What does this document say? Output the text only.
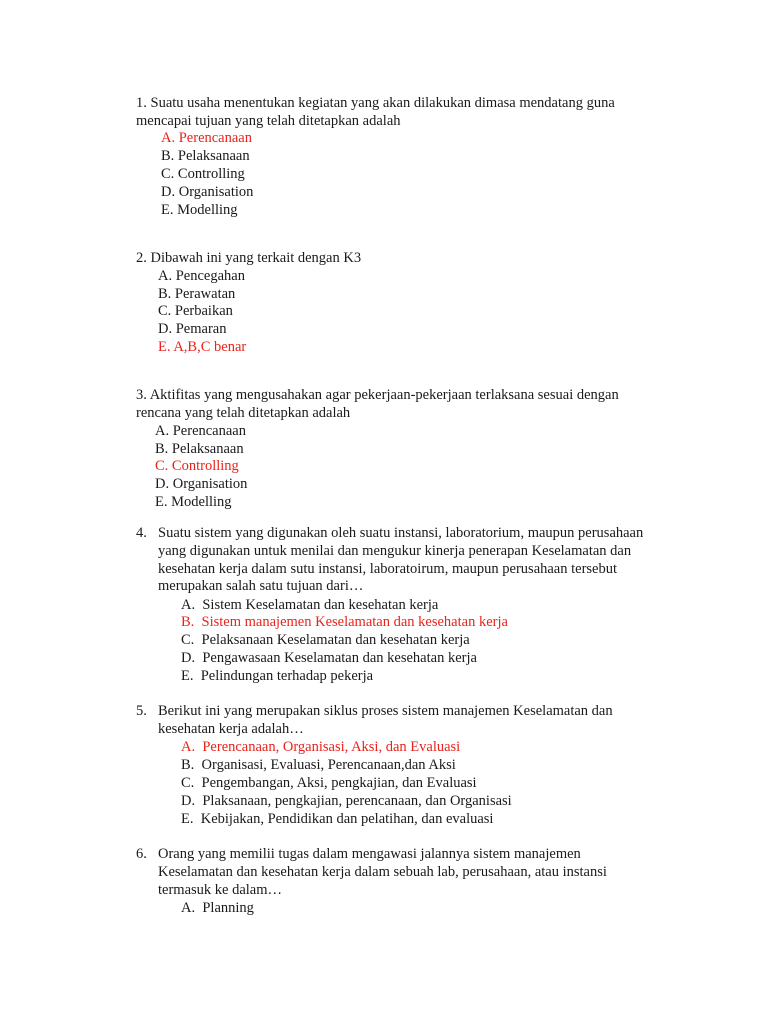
1. Suatu usaha menentukan kegiatan yang akan dilakukan dimasa mendatang guna
mencapai tujuan yang telah ditetapkan adalah
A. Perencanaan
B. Pelaksanaan
C. Controlling
D. Organisation
E. Modelling
2. Dibawah ini yang terkait dengan K3
A. Pencegahan
B. Perawatan
C. Perbaikan
D. Pemaran
E. A,B,C benar
3. Aktifitas yang mengusahakan agar pekerjaan-pekerjaan terlaksana sesuai dengan
rencana yang telah ditetapkan adalah
A. Perencanaan
B. Pelaksanaan
C. Controlling
D. Organisation
E. Modelling
4. Suatu sistem yang digunakan oleh suatu instansi, laboratorium, maupun perusahaan
yang digunakan untuk menilai dan mengukur kinerja penerapan Keselamatan dan
kesehatan kerja dalam sutu instansi, laboratoirum, maupun perusahaan tersebut
merupakan salah satu tujuan dari…
A. Sistem Keselamatan dan kesehatan kerja
B. Sistem manajemen Keselamatan dan kesehatan kerja
C. Pelaksanaan Keselamatan dan kesehatan kerja
D. Pengawasaan Keselamatan dan kesehatan kerja
E. Pelindungan terhadap pekerja
5. Berikut ini yang merupakan siklus proses sistem manajemen Keselamatan dan
kesehatan kerja adalah…
A. Perencanaan, Organisasi, Aksi, dan Evaluasi
B. Organisasi, Evaluasi, Perencanaan,dan Aksi
C. Pengembangan, Aksi, pengkajian, dan Evaluasi
D. Plaksanaan, pengkajian, perencanaan, dan Organisasi
E. Kebijakan, Pendidikan dan pelatihan, dan evaluasi
6. Orang yang memilii tugas dalam mengawasi jalannya sistem manajemen
Keselamatan dan kesehatan kerja dalam sebuah lab, perusahaan, atau instansi
termasuk ke dalam…
A. Planning
